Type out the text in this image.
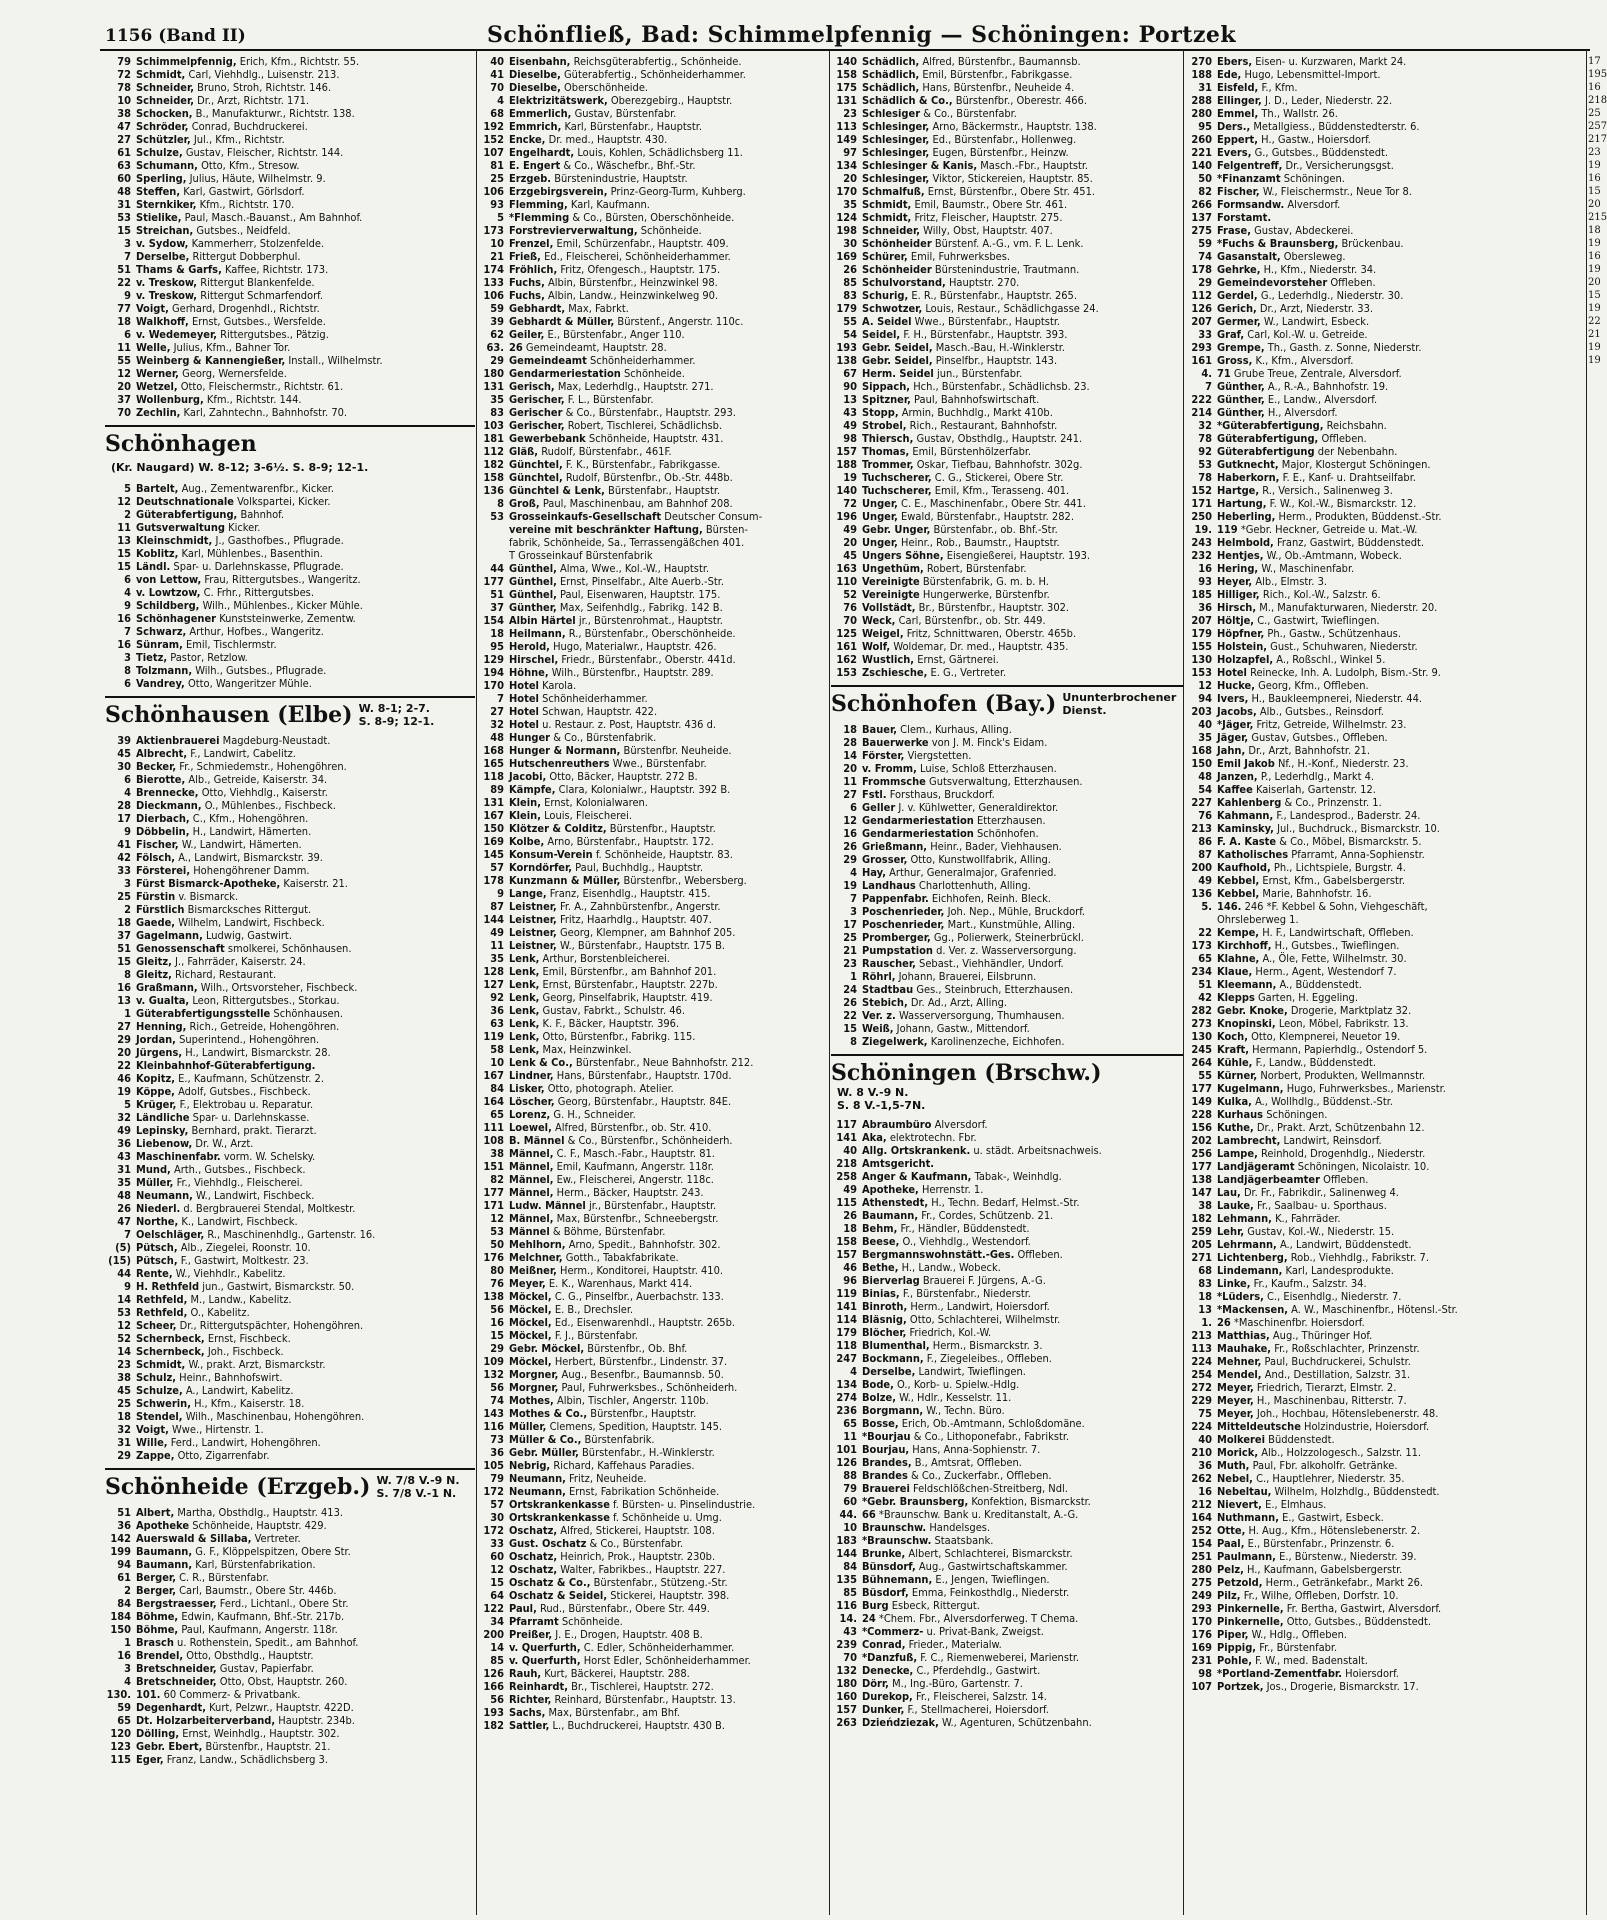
1156 (Band II)	Schönfließ, Bad: Schimmelpfennig — Schöningen: Portzek
79 Schimmelpfennig, Erich, Kfm., Richtstr. 55.
72 Schmidt, Carl, Viehhdlg., Luisenstr. 213.
78 Schneider, Bruno, Stroh, Richtstr. 146.
10 Schneider, Dr., Arzt, Richtstr. 171.
38 Schocken, B., Manufakturwr., Richtstr. 138.
47 Schröder, Conrad, Buchdruckerei.
27 Schützler, Jul., Kfm., Richtstr.
61 Schulze, Gustav, Fleischer, Richtstr. 144.
63 Schumann, Otto, Kfm., Stresow.
60 Sperling, Julius, Häute, Wilhelmstr. 9.
48 Steffen, Karl, Gastwirt, Görlsdorf.
31 Sternkiker, Kfm., Richtstr. 170.
53 Stielike, Paul, Masch.-Bauanst., Am Bahnhof.
15 Streichan, Gutsbes., Neidfeld.
3 v. Sydow, Kammerherr, Stolzenfelde.
7 Derselbe, Rittergut Dobberphul.
51 Thams & Garfs, Kaffee, Richtstr. 173.
22 v. Treskow, Rittergut Blankenfelde.
9 v. Treskow, Rittergut Schmarfendorf.
77 Voigt, Gerhard, Drogenhdl., Richtstr.
18 Walkhoff, Ernst, Gutsbes., Wersfelde.
6 v. Wedemeyer, Rittergutsbes., Pätzig.
11 Welle, Julius, Kfm., Bahner Tor.
55 Weinberg & Kannengießer, Install., Wilhelmstr.
12 Werner, Georg, Wernersfelde.
20 Wetzel, Otto, Fleischermstr., Richtstr. 61.
37 Wollenburg, Kfm., Richtstr. 144.
70 Zechlin, Karl, Zahntechn., Bahnhofstr. 70.
Schönhagen
(Kr. Naugard) W. 8-12; 3-6½. S. 8-9; 12-1.
5 Bartelt, Aug., Zementwarenfbr., Kicker.
12 Deutschnationale Volkspartei, Kicker.
2 Güterabfertigung, Bahnhof.
11 Gutsverwaltung Kicker.
13 Kleinschmidt, J., Gasthofbes., Pflugrade.
15 Koblitz, Karl, Mühlenbes., Basenthin.
15 Ländl. Spar- u. Darlehnskasse, Pflugrade.
6 von Lettow, Frau, Rittergutsbes., Wangeritz.
4 v. Lowtzow, C. Frhr., Rittergutsbes.
9 Schildberg, Wilh., Mühlenbes., Kicker Mühle.
16 Schönhagener Kunststeinwerke, Zementw.
7 Schwarz, Arthur, Hofbes., Wangeritz.
16 Sünram, Emil, Tischlermstr.
3 Tietz, Pastor, Retzlow.
8 Tolzmann, Wilh., Gutsbes., Pflugrade.
6 Vandrey, Otto, Wangeritzer Mühle.
Schönhausen (Elbe) W. 8-1; 2-7.
S. 8-9; 12-1.
39 Aktienbrauerei Magdeburg-Neustadt.
45 Albrecht, F., Landwirt, Cabelitz.
30 Becker, Fr., Schmiedemstr., Hohengöhren.
6 Bierotte, Alb., Getreide, Kaiserstr. 34.
4 Brennecke, Otto, Viehhdlg., Kaiserstr.
28 Dieckmann, O., Mühlenbes., Fischbeck.
17 Dierbach, C., Kfm., Hohengöhren.
9 Döbbelin, H., Landwirt, Hämerten.
41 Fischer, W., Landwirt, Hämerten.
42 Fölsch, A., Landwirt, Bismarckstr. 39.
33 Försterei, Hohengöhrener Damm.
3 Fürst Bismarck-Apotheke, Kaiserstr. 21.
25 Fürstin v. Bismarck.
2 Fürstlich Bismarcksches Rittergut.
18 Gaede, Wilhelm, Landwirt, Fischbeck.
37 Gagelmann, Ludwig, Gastwirt.
51 Genossenschaft smolkerei, Schönhausen.
15 Gleitz, J., Fahrräder, Kaiserstr. 24.
8 Gleitz, Richard, Restaurant.
16 Graßmann, Wilh., Ortsvorsteher, Fischbeck.
13 v. Gualta, Leon, Rittergutsbes., Storkau.
1 Güterabfertigungsstelle Schönhausen.
27 Henning, Rich., Getreide, Hohengöhren.
29 Jordan, Superintend., Hohengöhren.
20 Jürgens, H., Landwirt, Bismarckstr. 28.
22 Kleinbahnhof-Güterabfertigung.
46 Kopitz, E., Kaufmann, Schützenstr. 2.
19 Köppe, Adolf, Gutsbes., Fischbeck.
5 Krüger, F., Elektrobau u. Reparatur.
32 Ländliche Spar- u. Darlehnskasse.
49 Lepinsky, Bernhard, prakt. Tierarzt.
36 Liebenow, Dr. W., Arzt.
43 Maschinenfabr. vorm. W. Schelsky.
31 Mund, Arth., Gutsbes., Fischbeck.
35 Müller, Fr., Viehhdlg., Fleischerei.
48 Neumann, W., Landwirt, Fischbeck.
26 Niederl. d. Bergbrauerei Stendal, Moltkestr.
47 Northe, K., Landwirt, Fischbeck.
7 Oelschläger, R., Maschinenhdlg., Gartenstr. 16.
(5) Pütsch, Alb., Ziegelei, Roonstr. 10.
(15) Pütsch, F., Gastwirt, Moltkestr. 23.
44 Rente, W., Viehhdlr., Kabelitz.
9 H. Rethfeld jun., Gastwirt, Bismarckstr. 50.
14 Rethfeld, M., Landw., Kabelitz.
53 Rethfeld, O., Kabelitz.
12 Scheer, Dr., Rittergutspächter, Hohengöhren.
52 Schernbeck, Ernst, Fischbeck.
14 Schernbeck, Joh., Fischbeck.
23 Schmidt, W., prakt. Arzt, Bismarckstr.
38 Schulz, Heinr., Bahnhofswirt.
45 Schulze, A., Landwirt, Kabelitz.
25 Schwerin, H., Kfm., Kaiserstr. 18.
18 Stendel, Wilh., Maschinenbau, Hohengöhren.
32 Voigt, Wwe., Hirtenstr. 1.
31 Wille, Ferd., Landwirt, Hohengöhren.
29 Zappe, Otto, Zigarrenfabr.
Schönheide (Erzgeb.) W. 7/8 V.-9 N.
S. 7/8 V.-1 N.
51 Albert, Martha, Obsthdlg., Hauptstr. 413.
36 Apotheke Schönheide, Hauptstr. 429.
142 Auerswald & Sillaba, Vertreter.
199 Baumann, G. F., Klöppelspitzen, Obere Str.
94 Baumann, Karl, Bürstenfabrikation.
61 Berger, C. R., Bürstenfabr.
2 Berger, Carl, Baumstr., Obere Str. 446b.
84 Bergstraesser, Ferd., Lichtanl., Obere Str.
184 Böhme, Edwin, Kaufmann, Bhf.-Str. 217b.
150 Böhme, Paul, Kaufmann, Angerstr. 118r.
1 Brasch u. Rothenstein, Spedit., am Bahnhof.
16 Brendel, Otto, Obsthdlg., Hauptstr.
3 Bretschneider, Gustav, Papierfabr.
4 Bretschneider, Otto, Obst, Hauptstr. 260.
130. 101. 60 Commerz- & Privatbank.
59 Degenhardt, Kurt, Pelzwr., Hauptstr. 422D.
65 Dt. Holzarbeiterverband, Hauptstr. 234b.
120 Dölling, Ernst, Weinhdlg., Hauptstr. 302.
123 Gebr. Ebert, Bürstenfbr., Hauptstr. 21.
115 Eger, Franz, Landw., Schädlichsberg 3.
40 Eisenbahn, Reichsgüterabfertig., Schönheide.
41 Dieselbe, Güterabfertig., Schönheiderhammer.
70 Dieselbe, Oberschönheide.
4 Elektrizitätswerk, Oberezgebirg., Hauptstr.
68 Emmerlich, Gustav, Bürstenfabr.
192 Emmrich, Karl, Bürstenfabr., Hauptstr.
152 Encke, Dr. med., Hauptstr. 430.
107 Engelhardt, Louis, Kohlen, Schädlichsberg 11.
81 E. Engert & Co., Wäschefbr., Bhf.-Str.
25 Erzgeb. Bürstenindustrie, Hauptstr.
106 Erzgebirgsverein, Prinz-Georg-Turm, Kuhberg.
93 Flemming, Karl, Kaufmann.
5 *Flemming & Co., Bürsten, Oberschönheide.
173 Forstrevierverwaltung, Schönheide.
10 Frenzel, Emil, Schürzenfabr., Hauptstr. 409.
21 Frieß, Ed., Fleischerei, Schönheiderhammer.
174 Fröhlich, Fritz, Ofengesch., Hauptstr. 175.
133 Fuchs, Albin, Bürstenfbr., Heinzwinkel 98.
106 Fuchs, Albin, Landw., Heinzwinkelweg 90.
59 Gebhardt, Max, Fabrkt.
39 Gebhardt & Müller, Bürstenf., Angerstr. 110c.
62 Geiler, E., Bürstenfabr., Anger 110.
63. 26 Gemeindeamt, Hauptstr. 28.
29 Gemeindeamt Schönheiderhammer.
180 Gendarmeriestation Schönheide.
131 Gerisch, Max, Lederhdlg., Hauptstr. 271.
35 Gerischer, F. L., Bürstenfabr.
83 Gerischer & Co., Bürstenfabr., Hauptstr. 293.
103 Gerischer, Robert, Tischlerei, Schädlichsb.
181 Gewerbebank Schönheide, Hauptstr. 431.
112 Gläß, Rudolf, Bürstenfabr., 461F.
182 Günchtel, F. K., Bürstenfabr., Fabrikgasse.
158 Günchtel, Rudolf, Bürstenfbr., Ob.-Str. 448b.
136 Günchtel & Lenk, Bürstenfabr., Hauptstr.
8 Groß, Paul, Maschinenbau, am Bahnhof 208.
53 Grosseinkaufs-Gesellschaft Deutscher Consum-
vereine mit beschränkter Haftung, Bürsten-
fabrik, Schönheide, Sa., Terrassengäßchen 401.
T Grosseinkauf Bürstenfabrik
44 Günthel, Alma, Wwe., Kol.-W., Hauptstr.
177 Günthel, Ernst, Pinselfabr., Alte Auerb.-Str.
51 Günthel, Paul, Eisenwaren, Hauptstr. 175.
37 Günther, Max, Seifenhdlg., Fabrikg. 142 B.
154 Albin Härtel jr., Bürstenrohmat., Hauptstr.
18 Heilmann, R., Bürstenfabr., Oberschönheide.
95 Herold, Hugo, Materialwr., Hauptstr. 426.
129 Hirschel, Friedr., Bürstenfabr., Oberstr. 441d.
194 Höhne, Wilh., Bürstenfbr., Hauptstr. 289.
170 Hotel Karola.
7 Hotel Schönheiderhammer.
27 Hotel Schwan, Hauptstr. 422.
32 Hotel u. Restaur. z. Post, Hauptstr. 436 d.
48 Hunger & Co., Bürstenfabrik.
168 Hunger & Normann, Bürstenfbr. Neuheide.
165 Hutschenreuthers Wwe., Bürstenfabr.
118 Jacobi, Otto, Bäcker, Hauptstr. 272 B.
89 Kämpfe, Clara, Kolonialwr., Hauptstr. 392 B.
131 Klein, Ernst, Kolonialwaren.
167 Klein, Louis, Fleischerei.
150 Klötzer & Colditz, Bürstenfbr., Hauptstr.
169 Kolbe, Arno, Bürstenfabr., Hauptstr. 172.
145 Konsum-Verein f. Schönheide, Hauptstr. 83.
57 Korndörfer, Paul, Buchhdlg., Hauptstr.
178 Kunzmann & Müller, Bürstenfbr., Webersberg.
9 Lange, Franz, Eisenhdlg., Hauptstr. 415.
87 Leistner, Fr. A., Zahnbürstenfbr., Angerstr.
144 Leistner, Fritz, Haarhdlg., Hauptstr. 407.
49 Leistner, Georg, Klempner, am Bahnhof 205.
11 Leistner, W., Bürstenfabr., Hauptstr. 175 B.
35 Lenk, Arthur, Borstenbleicherei.
128 Lenk, Emil, Bürstenfbr., am Bahnhof 201.
127 Lenk, Ernst, Bürstenfabr., Hauptstr. 227b.
92 Lenk, Georg, Pinselfabrik, Hauptstr. 419.
36 Lenk, Gustav, Fabrkt., Schulstr. 46.
63 Lenk, K. F., Bäcker, Hauptstr. 396.
119 Lenk, Otto, Bürstenfbr., Fabrikg. 115.
58 Lenk, Max, Heinzwinkel.
10 Lenk & Co., Bürstenfabr., Neue Bahnhofstr. 212.
167 Lindner, Hans, Bürstenfabr., Hauptstr. 170d.
84 Lisker, Otto, photograph. Atelier.
164 Löscher, Georg, Bürstenfabr., Hauptstr. 84E.
65 Lorenz, G. H., Schneider.
111 Loewel, Alfred, Bürstenfbr., ob. Str. 410.
108 B. Männel & Co., Bürstenfbr., Schönheiderh.
38 Männel, C. F., Masch.-Fabr., Hauptstr. 81.
151 Männel, Emil, Kaufmann, Angerstr. 118r.
82 Männel, Ew., Fleischerei, Angerstr. 118c.
177 Männel, Herm., Bäcker, Hauptstr. 243.
171 Ludw. Männel jr., Bürstenfabr., Hauptstr.
12 Männel, Max, Bürstenfbr., Schneebergstr.
53 Männel & Böhme, Bürstenfabr.
50 Mehlhorn, Arno, Spedit., Bahnhofstr. 302.
176 Melchner, Gotth., Tabakfabrikate.
80 Meißner, Herm., Konditorei, Hauptstr. 410.
76 Meyer, E. K., Warenhaus, Markt 414.
138 Möckel, C. G., Pinselfbr., Auerbachstr. 133.
56 Möckel, E. B., Drechsler.
16 Möckel, Ed., Eisenwarenhdl., Hauptstr. 265b.
15 Möckel, F. J., Bürstenfabr.
29 Gebr. Möckel, Bürstenfbr., Ob. Bhf.
109 Möckel, Herbert, Bürstenfbr., Lindenstr. 37.
132 Morgner, Aug., Besenfbr., Baumannsb. 50.
56 Morgner, Paul, Fuhrwerksbes., Schönheiderh.
74 Mothes, Albin, Tischler, Angerstr. 110b.
143 Mothes & Co., Bürstenfbr., Hauptstr.
116 Müller, Clemens, Spedition, Hauptstr. 145.
73 Müller & Co., Bürstenfabrik.
36 Gebr. Müller, Bürstenfabr., H.-Winklerstr.
105 Nebrig, Richard, Kaffehaus Paradies.
79 Neumann, Fritz, Neuheide.
172 Neumann, Ernst, Fabrikation Schönheide.
57 Ortskrankenkasse f. Bürsten- u. Pinselindustrie.
30 Ortskrankenkasse f. Schönheide u. Umg.
172 Oschatz, Alfred, Stickerei, Hauptstr. 108.
33 Gust. Oschatz & Co., Bürstenfabr.
60 Oschatz, Heinrich, Prok., Hauptstr. 230b.
12 Oschatz, Walter, Fabrikbes., Hauptstr. 227.
15 Oschatz & Co., Bürstenfabr., Stützeng.-Str.
64 Oschatz & Seidel, Stickerei, Hauptstr. 398.
122 Paul, Rud., Bürstenfabr., Obere Str. 449.
34 Pfarramt Schönheide.
200 Preißer, J. E., Drogen, Hauptstr. 408 B.
14 v. Querfurth, C. Edler, Schönheiderhammer.
85 v. Querfurth, Horst Edler, Schönheiderhammer.
126 Rauh, Kurt, Bäckerei, Hauptstr. 288.
166 Reinhardt, Br., Tischlerei, Hauptstr. 272.
56 Richter, Reinhard, Bürstenfabr., Hauptstr. 13.
193 Sachs, Max, Bürstenfabr., am Bhf.
182 Sattler, L., Buchdruckerei, Hauptstr. 430 B.
140 Schädlich, Alfred, Bürstenfbr., Baumannsb.
158 Schädlich, Emil, Bürstenfbr., Fabrikgasse.
175 Schädlich, Hans, Bürstenfbr., Neuheide 4.
131 Schädlich & Co., Bürstenfbr., Oberestr. 466.
23 Schlesiger & Co., Bürstenfabr.
113 Schlesinger, Arno, Bäckermstr., Hauptstr. 138.
149 Schlesinger, Ed., Bürstenfabr., Hollenweg.
97 Schlesinger, Eugen, Bürstenfbr., Heinzw.
134 Schlesinger & Kanis, Masch.-Fbr., Hauptstr.
20 Schlesinger, Viktor, Stickereien, Hauptstr. 85.
170 Schmalfuß, Ernst, Bürstenfbr., Obere Str. 451.
35 Schmidt, Emil, Baumstr., Obere Str. 461.
124 Schmidt, Fritz, Fleischer, Hauptstr. 275.
198 Schneider, Willy, Obst, Hauptstr. 407.
30 Schönheider Bürstenf. A.-G., vm. F. L. Lenk.
169 Schürer, Emil, Fuhrwerksbes.
26 Schönheider Bürstenindustrie, Trautmann.
85 Schulvorstand, Hauptstr. 270.
83 Schurig, E. R., Bürstenfabr., Hauptstr. 265.
179 Schwotzer, Louis, Restaur., Schädlichgasse 24.
55 A. Seidel Wwe., Bürstenfabr., Hauptstr.
54 Seidel, F. H., Bürstenfabr., Hauptstr. 393.
193 Gebr. Seidel, Masch.-Bau, H.-Winklerstr.
138 Gebr. Seidel, Pinselfbr., Hauptstr. 143.
67 Herm. Seidel jun., Bürstenfabr.
90 Sippach, Hch., Bürstenfabr., Schädlichsb. 23.
13 Spitzner, Paul, Bahnhofswirtschaft.
43 Stopp, Armin, Buchhdlg., Markt 410b.
49 Strobel, Rich., Restaurant, Bahnhofstr.
98 Thiersch, Gustav, Obsthdlg., Hauptstr. 241.
157 Thomas, Emil, Bürstenhölzerfabr.
188 Trommer, Oskar, Tiefbau, Bahnhofstr. 302g.
19 Tuchscherer, C. G., Stickerei, Obere Str.
140 Tuchscherer, Emil, Kfm., Terasseng. 401.
72 Unger, C. E., Maschinenfabr., Obere Str. 441.
196 Unger, Ewald, Bürstenfabr., Hauptstr. 282.
49 Gebr. Unger, Bürstenfabr., ob. Bhf.-Str.
20 Unger, Heinr., Rob., Baumstr., Hauptstr.
45 Ungers Söhne, Eisengießerei, Hauptstr. 193.
163 Ungethüm, Robert, Bürstenfabr.
110 Vereinigte Bürstenfabrik, G. m. b. H.
52 Vereinigte Hungerwerke, Bürstenfbr.
76 Vollstädt, Br., Bürstenfbr., Hauptstr. 302.
70 Weck, Carl, Bürstenfbr., ob. Str. 449.
125 Weigel, Fritz, Schnittwaren, Oberstr. 465b.
161 Wolf, Woldemar, Dr. med., Hauptstr. 435.
162 Wustlich, Ernst, Gärtnerei.
153 Zschiesche, E. G., Vertreter.
Schönhofen (Bay.) Ununterbrochener
Dienst.
18 Bauer, Clem., Kurhaus, Alling.
28 Bauerwerke von J. M. Finck's Eidam.
14 Förster, Viergstetten.
20 v. Fromm, Luise, Schloß Etterzhausen.
11 Frommsche Gutsverwaltung, Etterzhausen.
27 Fstl. Forsthaus, Bruckdorf.
6 Geller J. v. Kühlwetter, Generaldirektor.
12 Gendarmeriestation Etterzhausen.
16 Gendarmeriestation Schönhofen.
26 Grießmann, Heinr., Bader, Viehhausen.
29 Grosser, Otto, Kunstwollfabrik, Alling.
4 Hay, Arthur, Generalmajor, Grafenried.
19 Landhaus Charlottenhuth, Alling.
7 Pappenfabr. Eichhofen, Reinh. Bleck.
3 Poschenrieder, Joh. Nep., Mühle, Bruckdorf.
17 Poschenrieder, Mart., Kunstmühle, Alling.
25 Promberger, Gg., Polierwerk, Steinerbrückl.
21 Pumpstation d. Ver. z. Wasserversorgung.
23 Rauscher, Sebast., Viehhändler, Undorf.
1 Röhrl, Johann, Brauerei, Eilsbrunn.
24 Stadtbau Ges., Steinbruch, Etterzhausen.
26 Stebich, Dr. Ad., Arzt, Alling.
22 Ver. z. Wasserversorgung, Thumhausen.
15 Weiß, Johann, Gastw., Mittendorf.
8 Ziegelwerk, Karolinenzeche, Eichhofen.
Schöningen (Brschw.)
W. 8 V.-9 N.
S. 8 V.-1,5-7N.
117 Abraumbüro Alversdorf.
141 Aka, elektrotechn. Fbr.
40 Allg. Ortskrankenk. u. städt. Arbeitsnachweis.
218 Amtsgericht.
258 Anger & Kaufmann, Tabak-, Weinhdlg.
49 Apotheke, Herrenstr. 1.
115 Athenstedt, H., Techn. Bedarf, Helmst.-Str.
26 Baumann, Fr., Cordes, Schützenb. 21.
18 Behm, Fr., Händler, Büddenstedt.
158 Beese, O., Viehhdlg., Westendorf.
157 Bergmannswohnstätt.-Ges. Offleben.
46 Bethe, H., Landw., Wobeck.
96 Bierverlag Brauerei F. Jürgens, A.-G.
119 Binias, F., Bürstenfabr., Niederstr.
141 Binroth, Herm., Landwirt, Hoiersdorf.
114 Bläsnig, Otto, Schlachterei, Wilhelmstr.
179 Blöcher, Friedrich, Kol.-W.
118 Blumenthal, Herm., Bismarckstr. 3.
247 Bockmann, F., Ziegeleibes., Offleben.
4 Derselbe, Landwirt, Twieflingen.
134 Bode, O., Korb- u. Spielw.-Hdlg.
274 Bolze, W., Hdlr., Kesselstr. 11.
236 Borgmann, W., Techn. Büro.
65 Bosse, Erich, Ob.-Amtmann, Schloßdomäne.
11 *Bourjau & Co., Lithoponefabr., Fabrikstr.
101 Bourjau, Hans, Anna-Sophienstr. 7.
126 Brandes, B., Amtsrat, Offleben.
88 Brandes & Co., Zuckerfabr., Offleben.
79 Brauerei Feldschlößchen-Streitberg, Ndl.
60 *Gebr. Braunsberg, Konfektion, Bismarckstr.
44. 66 *Braunschw. Bank u. Kreditanstalt, A.-G.
10 Braunschw. Handelsges.
183 *Braunschw. Staatsbank.
144 Brunke, Albert, Schlachterei, Bismarckstr.
84 Bünsdorf, Aug., Gastwirtschaftskammer.
135 Bühnemann, E., Jengen, Twieflingen.
85 Büsdorf, Emma, Feinkosthdlg., Niederstr.
116 Burg Esbeck, Rittergut.
14. 24 *Chem. Fbr., Alversdorferweg. T Chema.
43 *Commerz- u. Privat-Bank, Zweigst.
239 Conrad, Frieder., Materialw.
70 *Danzfuß, F. C., Riemenweberei, Marienstr.
132 Denecke, C., Pferdehdlg., Gastwirt.
180 Dörr, M., Ing.-Büro, Gartenstr. 7.
160 Durekop, Fr., Fleischerei, Salzstr. 14.
157 Dunker, F., Stellmacherei, Hoiersdorf.
263 Dzieńdziezak, W., Agenturen, Schützenbahn.
270 Ebers, Eisen- u. Kurzwaren, Markt 24.
188 Ede, Hugo, Lebensmittel-Import.
31 Eisfeld, F., Kfm.
288 Ellinger, J. D., Leder, Niederstr. 22.
280 Emmel, Th., Wallstr. 26.
95 Ders., Metallgiess., Büddenstedterstr. 6.
260 Eppert, H., Gastw., Hoiersdorf.
221 Evers, G., Gutsbes., Büddenstedt.
140 Felgentreff, Dr., Versicherungsgst.
50 *Finanzamt Schöningen.
82 Fischer, W., Fleischermstr., Neue Tor 8.
266 Formsandw. Alversdorf.
137 Forstamt.
275 Frase, Gustav, Abdeckerei.
59 *Fuchs & Braunsberg, Brückenbau.
74 Gasanstalt, Obersleweg.
178 Gehrke, H., Kfm., Niederstr. 34.
29 Gemeindevorsteher Offleben.
112 Gerdel, G., Lederhdlg., Niederstr. 30.
126 Gerich, Dr., Arzt, Niederstr. 33.
207 Germer, W., Landwirt, Esbeck.
33 Graf, Carl, Kol.-W. u. Getreide.
293 Grempe, Th., Gasth. z. Sonne, Niederstr.
161 Gross, K., Kfm., Alversdorf.
4. 71 Grube Treue, Zentrale, Alversdorf.
7 Günther, A., R.-A., Bahnhofstr. 19.
222 Günther, E., Landw., Alversdorf.
214 Günther, H., Alversdorf.
32 *Güterabfertigung, Reichsbahn.
78 Güterabfertigung, Offleben.
92 Güterabfertigung der Nebenbahn.
53 Gutknecht, Major, Klostergut Schöningen.
78 Haberkorn, F. E., Kanf- u. Drahtseilfabr.
152 Hartge, R., Versich., Salinenweg 3.
171 Hartung, F. W., Kol.-W., Bismarckstr. 12.
250 Heberling, Herm., Produkten, Büddenst.-Str.
19. 119 *Gebr. Heckner, Getreide u. Mat.-W.
243 Helmbold, Franz, Gastwirt, Büddenstedt.
232 Hentjes, W., Ob.-Amtmann, Wobeck.
16 Hering, W., Maschinenfabr.
93 Heyer, Alb., Elmstr. 3.
185 Hilliger, Rich., Kol.-W., Salzstr. 6.
36 Hirsch, M., Manufakturwaren, Niederstr. 20.
207 Höltje, C., Gastwirt, Twieflingen.
179 Höpfner, Ph., Gastw., Schützenhaus.
155 Holstein, Gust., Schuhwaren, Niederstr.
130 Holzapfel, A., Roßschl., Winkel 5.
153 Hotel Reinecke, Inh. A. Ludolph, Bism.-Str. 9.
12 Hucke, Georg, Kfm., Offleben.
94 Ivers, H., Baukleempnerei, Niederstr. 44.
203 Jacobs, Alb., Gutsbes., Reinsdorf.
40 *Jäger, Fritz, Getreide, Wilhelmstr. 23.
35 Jäger, Gustav, Gutsbes., Offleben.
168 Jahn, Dr., Arzt, Bahnhofstr. 21.
150 Emil Jakob Nf., H.-Konf., Niederstr. 23.
48 Janzen, P., Lederhdlg., Markt 4.
54 Kaffee Kaiserlah, Gartenstr. 12.
227 Kahlenberg & Co., Prinzenstr. 1.
76 Kahmann, F., Landesprod., Baderstr. 24.
213 Kaminsky, Jul., Buchdruck., Bismarckstr. 10.
86 F. A. Kaste & Co., Möbel, Bismarckstr. 5.
87 Katholisches Pfarramt, Anna-Sophienstr.
200 Kaufhold, Ph., Lichtspiele, Burgstr. 4.
49 Kebbel, Ernst, Kfm., Gabelsbergerstr.
136 Kebbel, Marie, Bahnhofstr. 16.
5. 146. 246 *F. Kebbel & Sohn, Viehgeschäft,
Ohrsleberweg 1.
22 Kempe, H. F., Landwirtschaft, Offleben.
173 Kirchhoff, H., Gutsbes., Twieflingen.
65 Klahne, A., Öle, Fette, Wilhelmstr. 30.
234 Klaue, Herm., Agent, Westendorf 7.
51 Kleemann, A., Büddenstedt.
42 Klepps Garten, H. Eggeling.
282 Gebr. Knoke, Drogerie, Marktplatz 32.
273 Knopinski, Leon, Möbel, Fabrikstr. 13.
130 Koch, Otto, Klempnerei, Neuetor 19.
245 Kraft, Hermann, Papierhdlg., Ostendorf 5.
264 Kühle, F., Landw., Büddenstedt.
55 Kürner, Norbert, Produkten, Wellmannstr.
177 Kugelmann, Hugo, Fuhrwerksbes., Marienstr.
149 Kulka, A., Wollhdlg., Büddenst.-Str.
228 Kurhaus Schöningen.
156 Kuthe, Dr., Prakt. Arzt, Schützenbahn 12.
202 Lambrecht, Landwirt, Reinsdorf.
256 Lampe, Reinhold, Drogenhdlg., Niederstr.
177 Landjägeramt Schöningen, Nicolaistr. 10.
138 Landjägerbeamter Offleben.
147 Lau, Dr. Fr., Fabrikdir., Salinenweg 4.
38 Lauke, Fr., Saalbau- u. Sporthaus.
182 Lehmann, K., Fahrräder.
259 Lehr, Gustav, Kol.-W., Niederstr. 15.
205 Lehrmann, A., Landwirt, Büddenstedt.
271 Lichtenberg, Rob., Viehhdlg., Fabrikstr. 7.
68 Lindemann, Karl, Landesprodukte.
83 Linke, Fr., Kaufm., Salzstr. 34.
18 *Lüders, C., Eisenhdlg., Niederstr. 7.
13 *Mackensen, A. W., Maschinenfbr., Hötensl.-Str.
1. 26 *Maschinenfbr. Hoiersdorf.
213 Matthias, Aug., Thüringer Hof.
113 Mauhake, Fr., Roßschlachter, Prinzenstr.
224 Mehner, Paul, Buchdruckerei, Schulstr.
254 Mendel, And., Destillation, Salzstr. 31.
272 Meyer, Friedrich, Tierarzt, Elmstr. 2.
229 Meyer, H., Maschinenbau, Ritterstr. 7.
75 Meyer, Joh., Hochbau, Hötenslebenerstr. 48.
224 Mitteldeutsche Holzindustrie, Hoiersdorf.
40 Molkerei Büddenstedt.
210 Morick, Alb., Holzzologesch., Salzstr. 11.
36 Muth, Paul, Fbr. alkoholfr. Getränke.
262 Nebel, C., Hauptlehrer, Niederstr. 35.
16 Nebeltau, Wilhelm, Holzhdlg., Büddenstedt.
212 Nievert, E., Elmhaus.
164 Nuthmann, E., Gastwirt, Esbeck.
252 Otte, H. Aug., Kfm., Hötenslebenerstr. 2.
154 Paal, E., Bürstenfabr., Prinzenstr. 6.
251 Paulmann, E., Bürstenw., Niederstr. 39.
280 Pelz, H., Kaufmann, Gabelsbergerstr.
275 Petzold, Herm., Getränkefabr., Markt 26.
249 Pilz, Fr., Wilhe, Offleben, Dorfstr. 10.
293 Pinkernelle, Fr. Bertha, Gastwirt, Alversdorf.
170 Pinkernelle, Otto, Gutsbes., Büddenstedt.
176 Piper, W., Hdlg., Offleben.
169 Pippig, Fr., Bürstenfabr.
231 Pohle, F. W., med. Badenstalt.
98 *Portland-Zementfabr. Hoiersdorf.
107 Portzek, Jos., Drogerie, Bismarckstr. 17.
17
195
16
218
25
257
217
23
19
16
15
20
215
18
19
16
19
20
15
19
22
21
19
19
